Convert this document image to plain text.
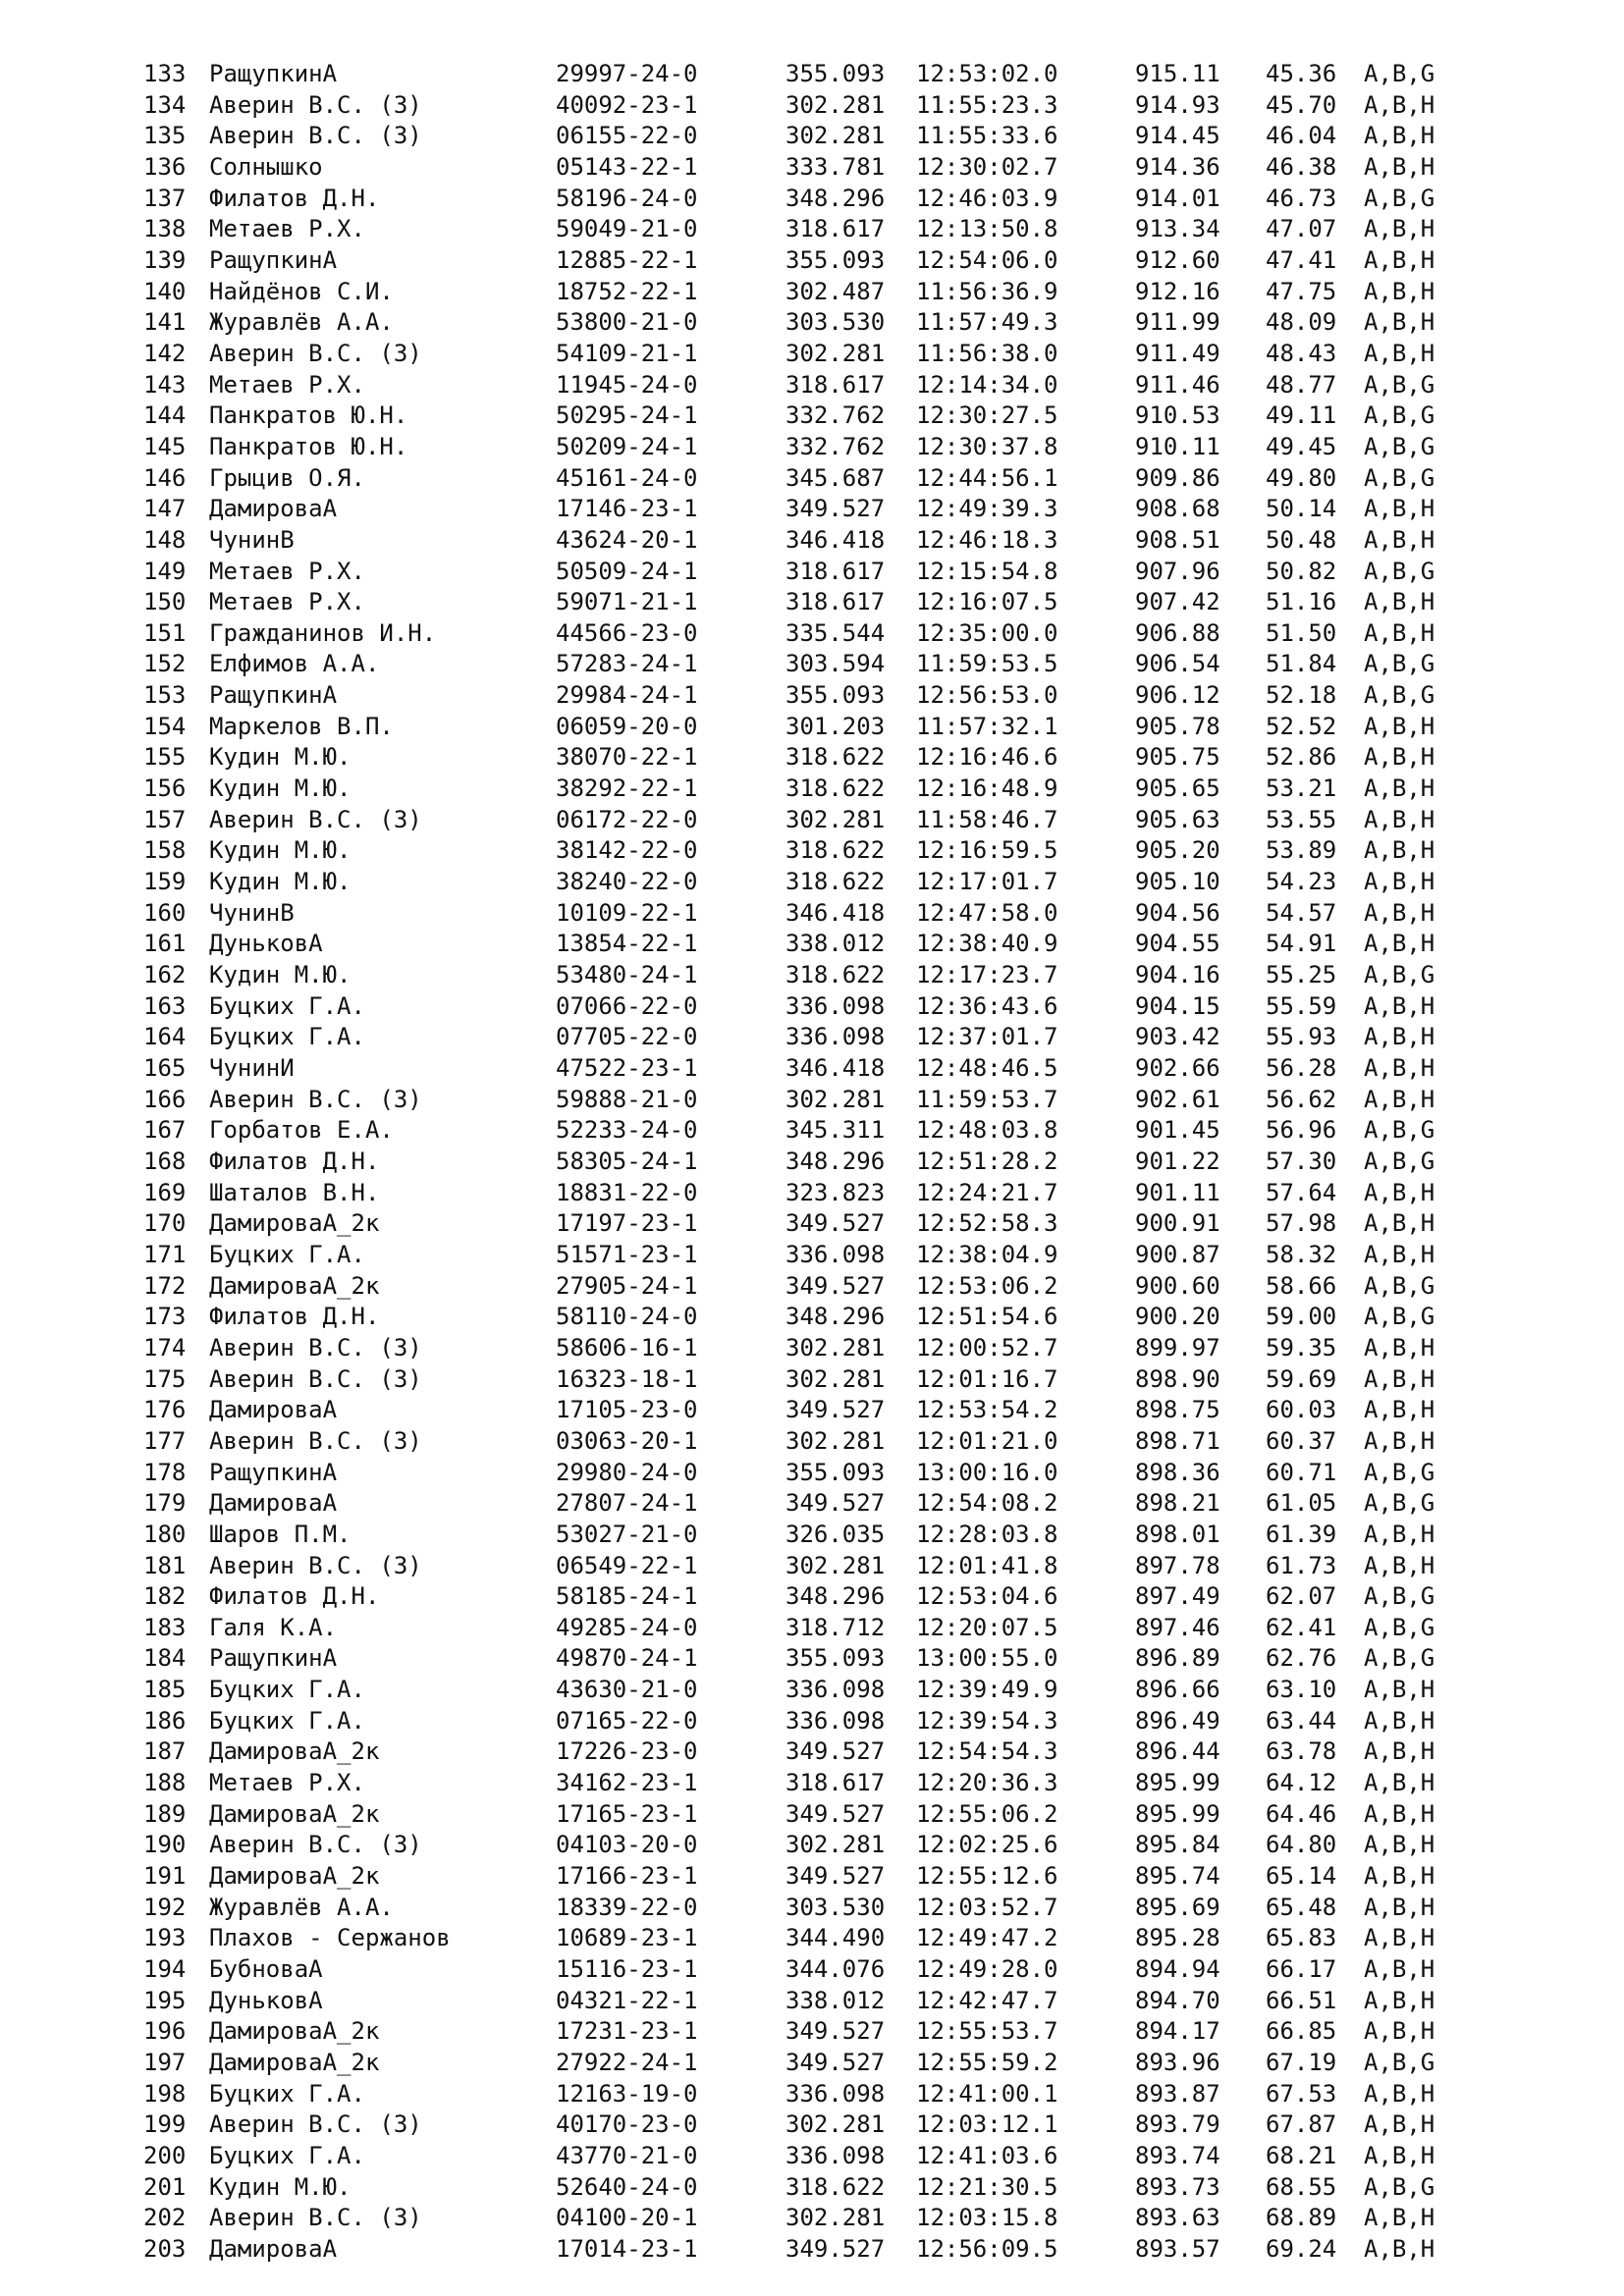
133 РащупкинА	29997-24-0	355.093 12:53:02.0	915.11 45.36 A,B,G
134 Аверин В.С. (3)	40092-23-1	302.281 11:55:23.3	914.93 45.70 A,B,H
135 Аверин В.С. (3)	06155-22-0	302.281 11:55:33.6	914.45 46.04 A,B,H
136 Солнышко	05143-22-1	333.781 12:30:02.7	914.36 46.38 A,B,H
137 Филатов Д.Н.	58196-24-0	348.296 12:46:03.9	914.01 46.73 A,B,G
138 Метаев Р.Х.	59049-21-0	318.617 12:13:50.8	913.34 47.07 A,B,H
139 РащупкинА	12885-22-1	355.093 12:54:06.0	912.60 47.41 A,B,H
140 Найдёнов С.И.	18752-22-1	302.487 11:56:36.9	912.16 47.75 A,B,H
141 Журавлёв А.А.	53800-21-0	303.530 11:57:49.3	911.99 48.09 A,B,H
142 Аверин В.С. (3)	54109-21-1	302.281 11:56:38.0	911.49 48.43 A,B,H
143 Метаев Р.Х.	11945-24-0	318.617 12:14:34.0	911.46 48.77 A,B,G
144 Панкратов Ю.Н.	50295-24-1	332.762 12:30:27.5	910.53 49.11 A,B,G
145 Панкратов Ю.Н.	50209-24-1	332.762 12:30:37.8	910.11 49.45 A,B,G
146 Грыцив О.Я.	45161-24-0	345.687 12:44:56.1	909.86 49.80 A,B,G
147 ДамироваА	17146-23-1	349.527 12:49:39.3	908.68 50.14 A,B,H
148 ЧунинВ	43624-20-1	346.418 12:46:18.3	908.51 50.48 A,B,H
149 Метаев Р.Х.	50509-24-1	318.617 12:15:54.8	907.96 50.82 A,B,G
150 Метаев Р.Х.	59071-21-1	318.617 12:16:07.5	907.42 51.16 A,B,H
151 Гражданинов И.Н.	44566-23-0	335.544 12:35:00.0	906.88 51.50 A,B,H
152 Елфимов А.А.	57283-24-1	303.594 11:59:53.5	906.54 51.84 A,B,G
153 РащупкинА	29984-24-1	355.093 12:56:53.0	906.12 52.18 A,B,G
154 Маркелов В.П.	06059-20-0	301.203 11:57:32.1	905.78 52.52 A,B,H
155 Кудин М.Ю.	38070-22-1	318.622 12:16:46.6	905.75 52.86 A,B,H
156 Кудин М.Ю.	38292-22-1	318.622 12:16:48.9	905.65 53.21 A,B,H
157 Аверин В.С. (3)	06172-22-0	302.281 11:58:46.7	905.63 53.55 A,B,H
158 Кудин М.Ю.	38142-22-0	318.622 12:16:59.5	905.20 53.89 A,B,H
159 Кудин М.Ю.	38240-22-0	318.622 12:17:01.7	905.10 54.23 A,B,H
160 ЧунинВ	10109-22-1	346.418 12:47:58.0	904.56 54.57 A,B,H
161 ДуньковА	13854-22-1	338.012 12:38:40.9	904.55 54.91 A,B,H
162 Кудин М.Ю.	53480-24-1	318.622 12:17:23.7	904.16 55.25 A,B,G
163 Буцких Г.А.	07066-22-0	336.098 12:36:43.6	904.15 55.59 A,B,H
164 Буцких Г.А.	07705-22-0	336.098 12:37:01.7	903.42 55.93 A,B,H
165 ЧунинИ	47522-23-1	346.418 12:48:46.5	902.66 56.28 A,B,H
166 Аверин В.С. (3)	59888-21-0	302.281 11:59:53.7	902.61 56.62 A,B,H
167 Горбатов Е.А.	52233-24-0	345.311 12:48:03.8	901.45 56.96 A,B,G
168 Филатов Д.Н.	58305-24-1	348.296 12:51:28.2	901.22 57.30 A,B,G
169 Шаталов В.Н.	18831-22-0	323.823 12:24:21.7	901.11 57.64 A,B,H
170 ДамироваА_2к	17197-23-1	349.527 12:52:58.3	900.91 57.98 A,B,H
171 Буцких Г.А.	51571-23-1	336.098 12:38:04.9	900.87 58.32 A,B,H
172 ДамироваА_2к	27905-24-1	349.527 12:53:06.2	900.60 58.66 A,B,G
173 Филатов Д.Н.	58110-24-0	348.296 12:51:54.6	900.20 59.00 A,B,G
174 Аверин В.С. (3)	58606-16-1	302.281 12:00:52.7	899.97 59.35 A,B,H
175 Аверин В.С. (3)	16323-18-1	302.281 12:01:16.7	898.90 59.69 A,B,H
176 ДамироваА	17105-23-0	349.527 12:53:54.2	898.75 60.03 A,B,H
177 Аверин В.С. (3)	03063-20-1	302.281 12:01:21.0	898.71 60.37 A,B,H
178 РащупкинА	29980-24-0	355.093 13:00:16.0	898.36 60.71 A,B,G
179 ДамироваА	27807-24-1	349.527 12:54:08.2	898.21 61.05 A,B,G
180 Шаров П.М.	53027-21-0	326.035 12:28:03.8	898.01 61.39 A,B,H
181 Аверин В.С. (3)	06549-22-1	302.281 12:01:41.8	897.78 61.73 A,B,H
182 Филатов Д.Н.	58185-24-1	348.296 12:53:04.6	897.49 62.07 A,B,G
183 Галя К.А.	49285-24-0	318.712 12:20:07.5	897.46 62.41 A,B,G
184 РащупкинА	49870-24-1	355.093 13:00:55.0	896.89 62.76 A,B,G
185 Буцких Г.А.	43630-21-0	336.098 12:39:49.9	896.66 63.10 A,B,H
186 Буцких Г.А.	07165-22-0	336.098 12:39:54.3	896.49 63.44 A,B,H
187 ДамироваА_2к	17226-23-0	349.527 12:54:54.3	896.44 63.78 A,B,H
188 Метаев Р.Х.	34162-23-1	318.617 12:20:36.3	895.99 64.12 A,B,H
189 ДамироваА_2к	17165-23-1	349.527 12:55:06.2	895.99 64.46 A,B,H
190 Аверин В.С. (3)	04103-20-0	302.281 12:02:25.6	895.84 64.80 A,B,H
191 ДамироваА_2к	17166-23-1	349.527 12:55:12.6	895.74 65.14 A,B,H
192 Журавлёв А.А.	18339-22-0	303.530 12:03:52.7	895.69 65.48 A,B,H
193 Плахов - Сержанов	10689-23-1	344.490 12:49:47.2	895.28 65.83 A,B,H
194 БубноваА	15116-23-1	344.076 12:49:28.0	894.94 66.17 A,B,H
195 ДуньковА	04321-22-1	338.012 12:42:47.7	894.70 66.51 A,B,H
196 ДамироваА_2к	17231-23-1	349.527 12:55:53.7	894.17 66.85 A,B,H
197 ДамироваА_2к	27922-24-1	349.527 12:55:59.2	893.96 67.19 A,B,G
198 Буцких Г.А.	12163-19-0	336.098 12:41:00.1	893.87 67.53 A,B,H
199 Аверин В.С. (3)	40170-23-0	302.281 12:03:12.1	893.79 67.87 A,B,H
200 Буцких Г.А.	43770-21-0	336.098 12:41:03.6	893.74 68.21 A,B,H
201 Кудин М.Ю.	52640-24-0	318.622 12:21:30.5	893.73 68.55 A,B,G
202 Аверин В.С. (3)	04100-20-1	302.281 12:03:15.8	893.63 68.89 A,B,H
203 ДамироваА	17014-23-1	349.527 12:56:09.5	893.57 69.24 A,B,H
